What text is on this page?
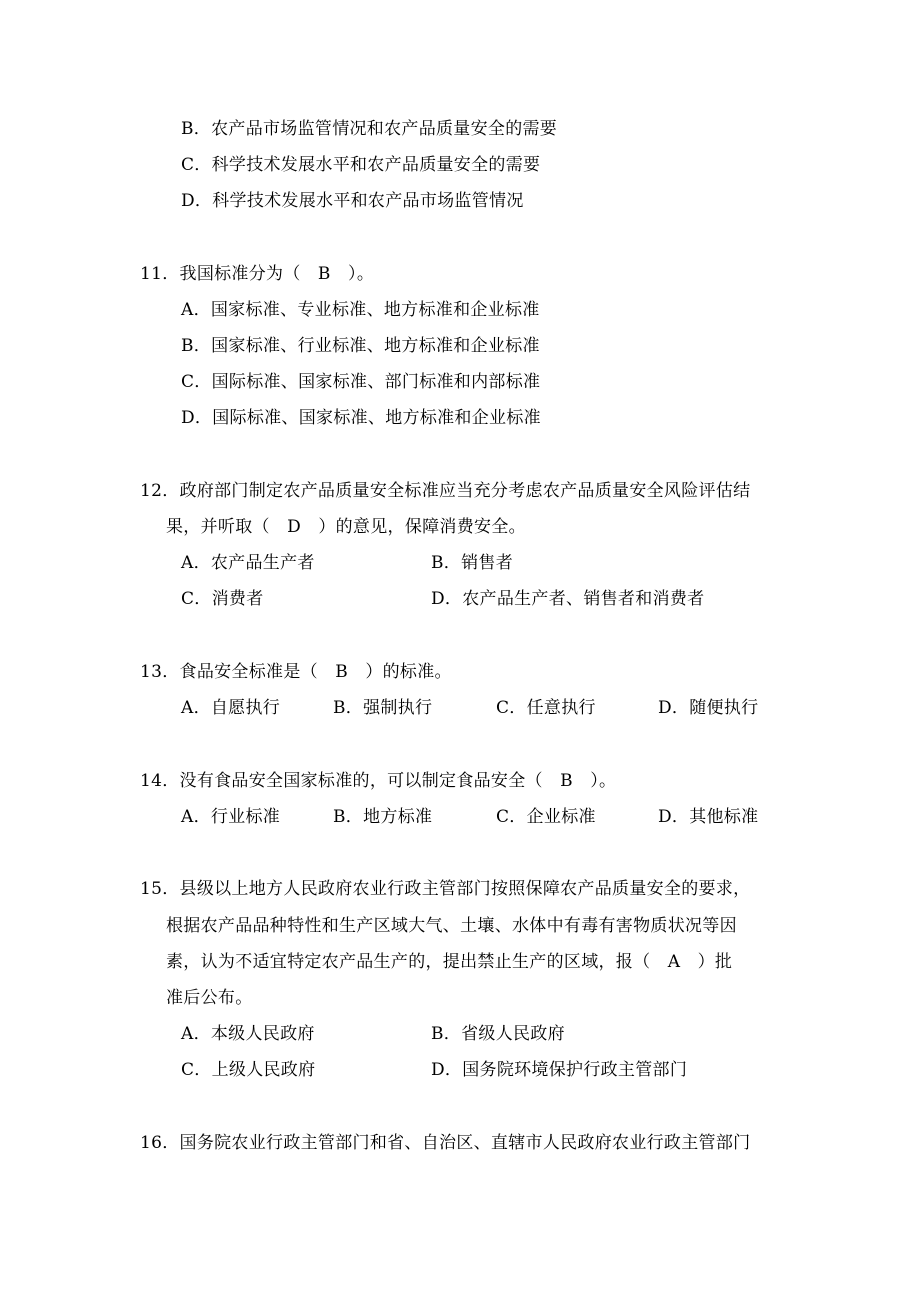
B．农产品市场监管情况和农产品质量安全的需要
C．科学技术发展水平和农产品质量安全的需要
D．科学技术发展水平和农产品市场监管情况
11．我国标准分为（　B　）。
A．国家标准、专业标准、地方标准和企业标准
B．国家标准、行业标准、地方标准和企业标准
C．国际标准、国家标准、部门标准和内部标准
D．国际标准、国家标准、地方标准和企业标准
12．政府部门制定农产品质量安全标准应当充分考虑农产品质量安全风险评估结
果，并听取（　D　）的意见，保障消费安全。
A．农产品生产者	B．销售者
C．消费者	D．农产品生产者、销售者和消费者
13．食品安全标准是（　B　）的标准。
A．自愿执行	B．强制执行	C．任意执行	D．随便执行
14．没有食品安全国家标准的，可以制定食品安全（　B　）。
A．行业标准	B．地方标准	C．企业标准	D．其他标准
15．县级以上地方人民政府农业行政主管部门按照保障农产品质量安全的要求，
根据农产品品种特性和生产区域大气、土壤、水体中有毒有害物质状况等因
素，认为不适宜特定农产品生产的，提出禁止生产的区域，报（　A　）批
准后公布。
A．本级人民政府	B．省级人民政府
C．上级人民政府	D．国务院环境保护行政主管部门
16．国务院农业行政主管部门和省、自治区、直辖市人民政府农业行政主管部门
